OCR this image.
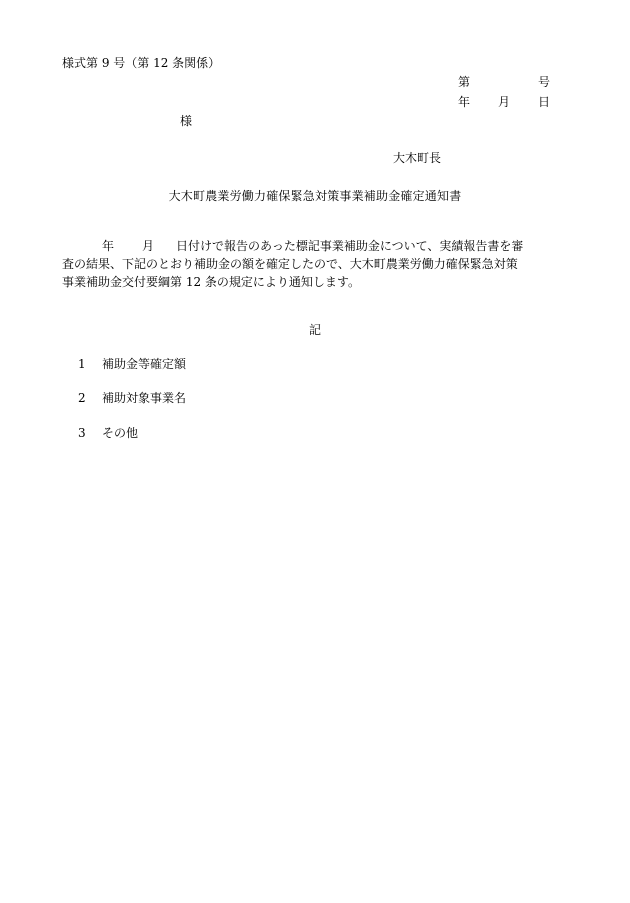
様式第 9 号（第 12 条関係）
第	号
年 月 日
様
大木町長
大木町農業労働力確保緊急対策事業補助金確定通知書
年 月 日付けで報告のあった標記事業補助金について、実績報告書を審
査の結果、下記のとおり補助金の額を確定したので、大木町農業労働力確保緊急対策
事業補助金交付要綱第 12 条の規定により通知します。
記
1 補助金等確定額
2 補助対象事業名
3 その他
